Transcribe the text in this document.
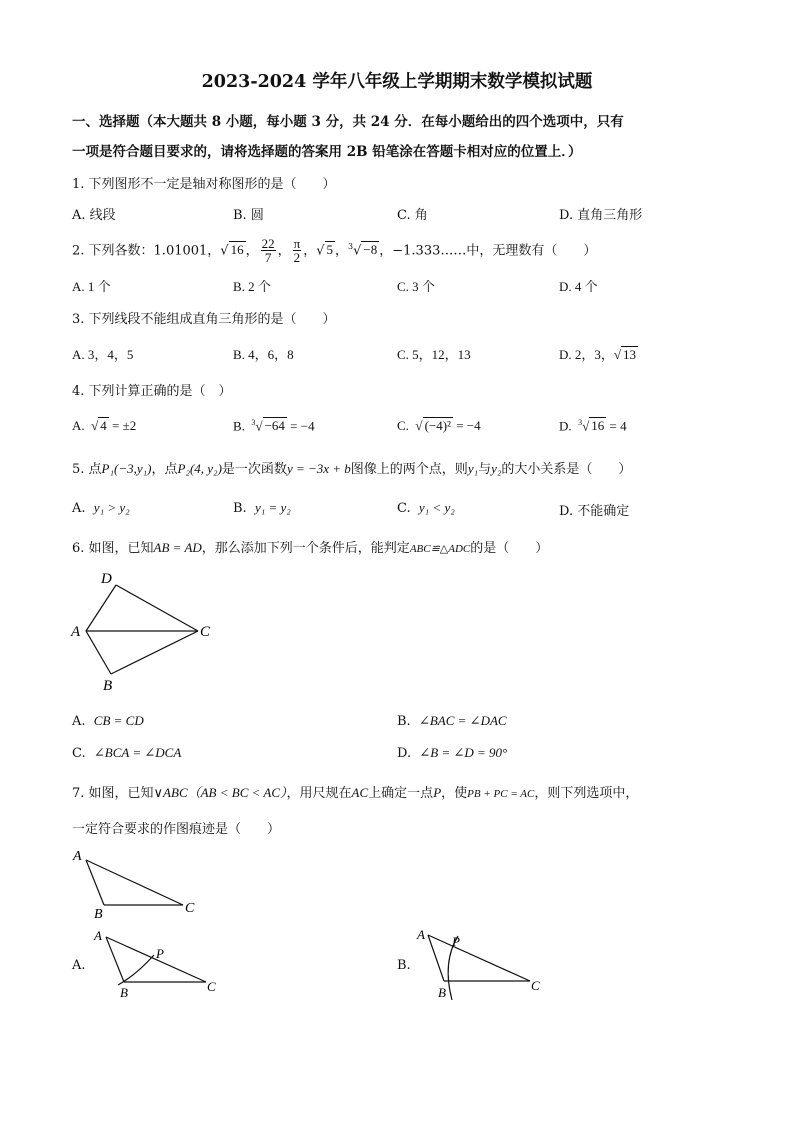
2023-2024 学年八年级上学期期末数学模拟试题
一、选择题（本大题共 8 小题，每小题 3 分，共 24 分．在每小题给出的四个选项中，只有
一项是符合题目要求的，请将选择题的答案用 2B 铅笔涂在答题卡相对应的位置上．）
1. 下列图形不一定是轴对称图形的是（　　）
A. 线段	B. 圆	C. 角	D. 直角三角形
2. 下列各数：1.01001，√ 16 ， $\frac{22}{7}$ ， $\frac{\pi}{2}$ ，√ 5 ，$^3$√ −8 ，−1.333……中，无理数有（　　）
A. 1 个	B. 2 个	C. 3 个	D. 4 个
3. 下列线段不能组成直角三角形的是（　　）
A. 3，4，5	B. 4，6，8	C. 5，12，13	D. 2，3，√ 13
4. 下列计算正确的是（　）
A.  √ 4 = ±2	B. $^3$√ −64 = −4	C.  √ (−4)² = −4	D. $^3$√ 16 = 4
5. 点P₁(−3,y₁)，点P₂(4, y₂)是一次函数y = −3x + b图像上的两个点，则y₁与y₂的大小关系是（　　）
A. y₁ > y₂	B. y₁ = y₂	C. y₁ < y₂	D. 不能确定
6. 如图，已知AB = AD，那么添加下列一个条件后，能判定ABC≌△ADC的是（　　）
D
A	C
B
A. CB = CD	B. ∠BAC = ∠DAC
C. ∠BCA = ∠DCA	D. ∠B = ∠D = 90°
7. 如图，已知∨ABC（AB < BC < AC），用尺规在AC上确定一点P，使PB + PC = AC，则下列选项中，
一定符合要求的作图痕迹是（　　）
A
B	C
A.
A
P
B	C
B.
A P
B	C
